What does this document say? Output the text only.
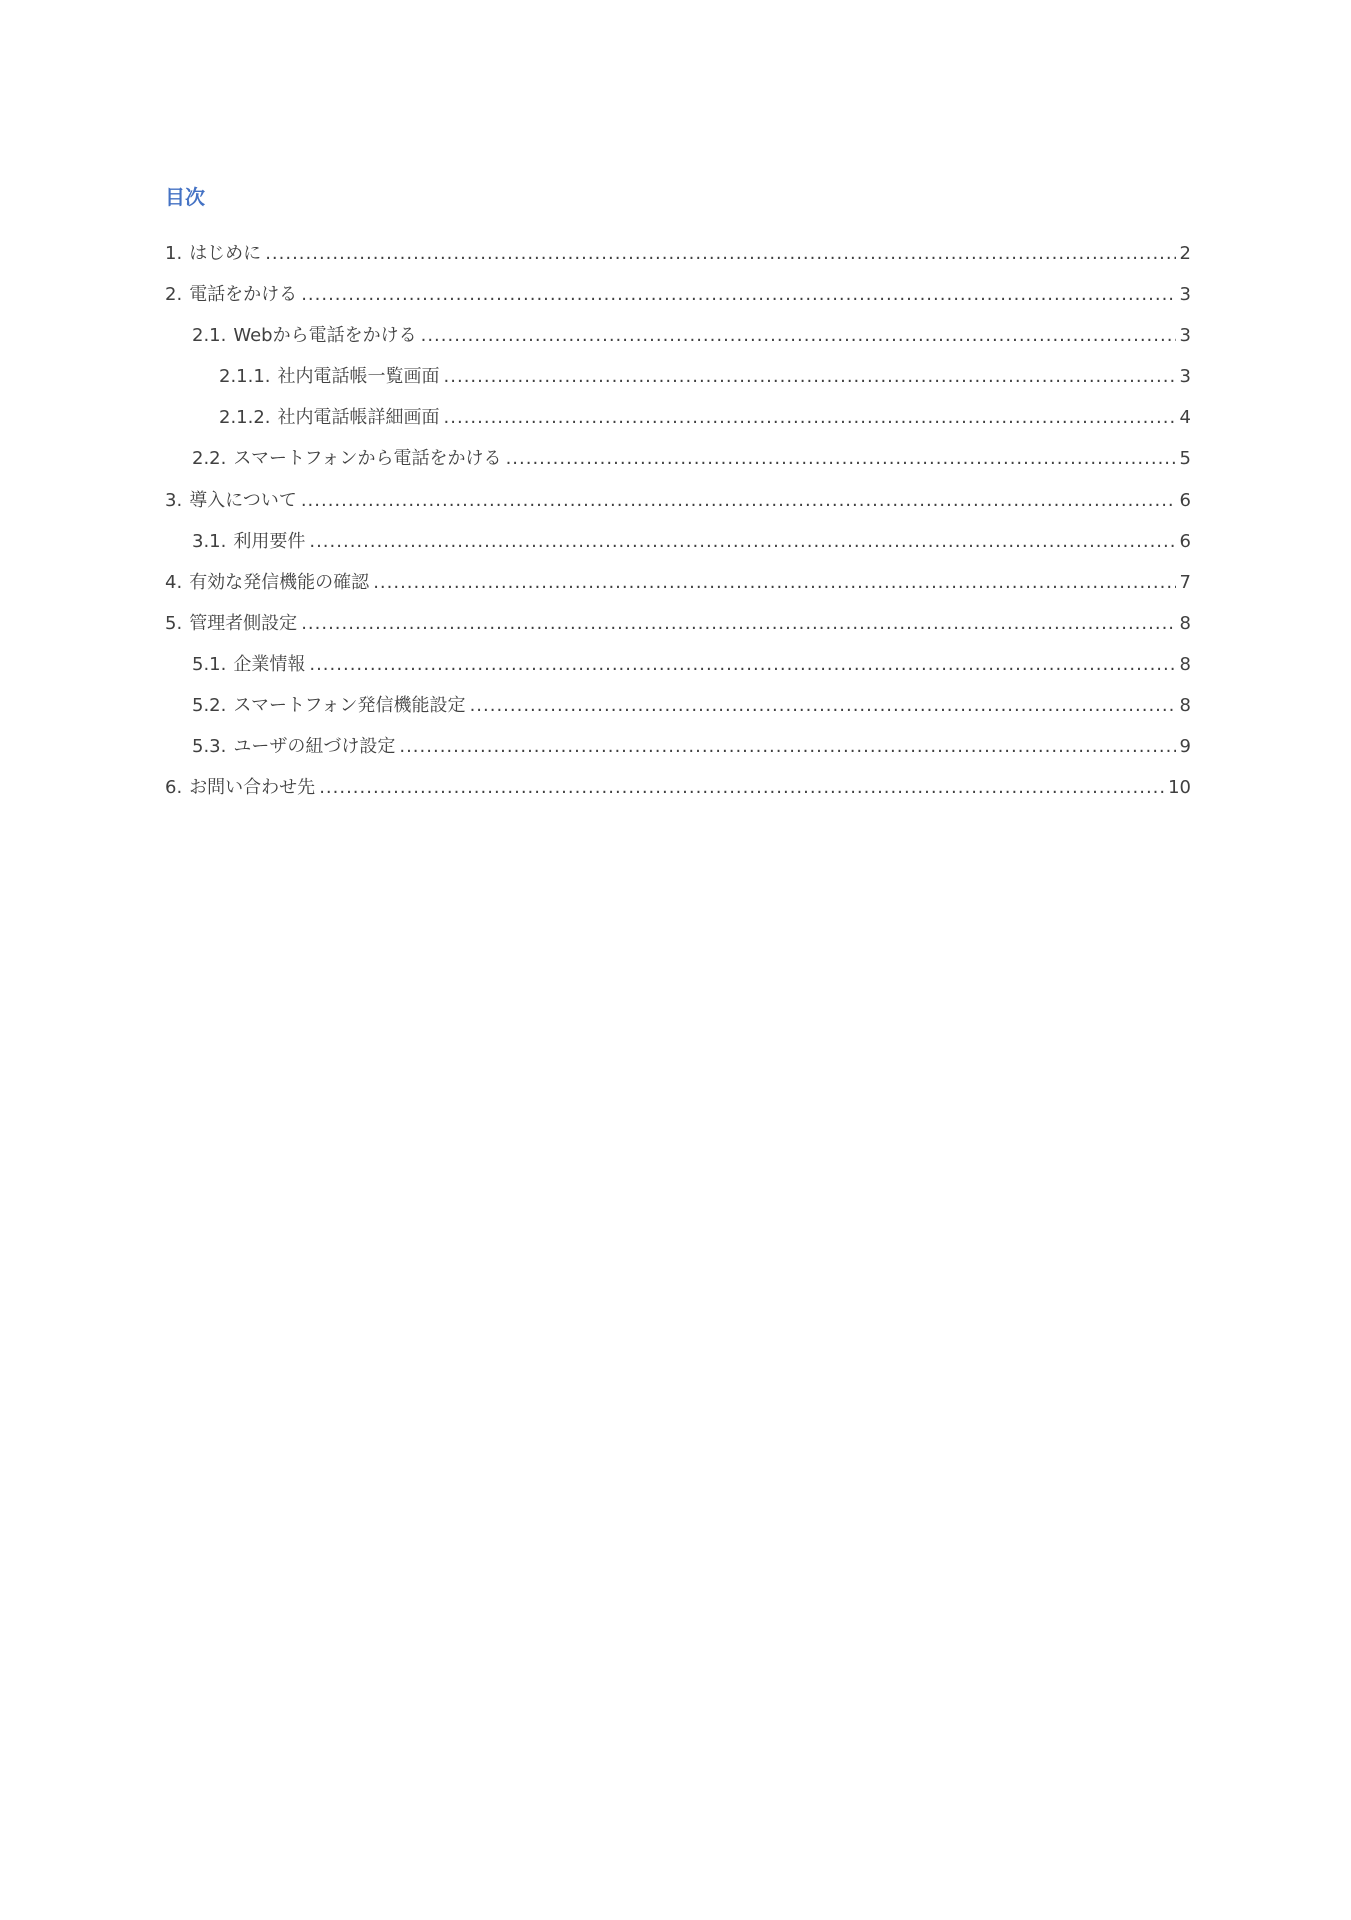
目次
1. はじめに .....	2
2. 電話をかける .....	3
2.1. Webから電話をかける .....	3
2.1.1. 社内電話帳一覧画面 .....	3
2.1.2. 社内電話帳詳細画面 .....	4
2.2. スマートフォンから電話をかける .....	5
3. 導入について .....	6
3.1. 利用要件 .....	6
4. 有効な発信機能の確認 .....	7
5. 管理者側設定 .....	8
5.1. 企業情報 .....	8
5.2. スマートフォン発信機能設定 .....	8
5.3. ユーザの紐づけ設定 .....	9
6. お問い合わせ先 .....	10
